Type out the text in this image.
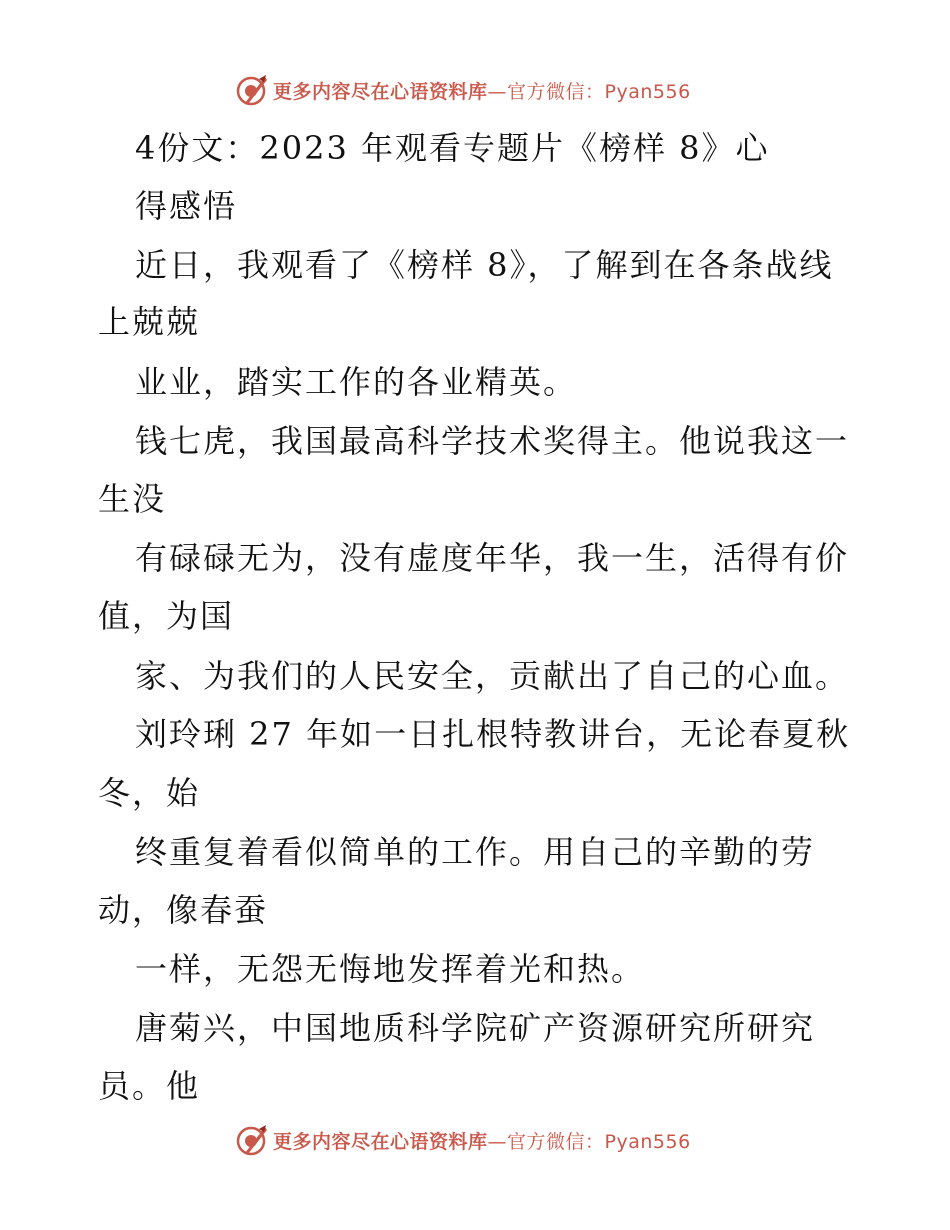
更多内容尽在心语资料库—官方微信：Pyan556
4份文：2023 年观看专题片《榜样 8》心
得感悟
近日，我观看了《榜样 8》，了解到在各条战线
上兢兢
业业，踏实工作的各业精英。
钱七虎，我国最高科学技术奖得主。他说我这一
生没
有碌碌无为，没有虚度年华，我一生，活得有价
值，为国
家、为我们的人民安全，贡献出了自己的心血。
刘玲琍 27 年如一日扎根特教讲台，无论春夏秋
冬，始
终重复着看似简单的工作。用自己的辛勤的劳
动，像春蚕
一样，无怨无悔地发挥着光和热。
唐菊兴，中国地质科学院矿产资源研究所研究
员。他
更多内容尽在心语资料库—官方微信：Pyan556
